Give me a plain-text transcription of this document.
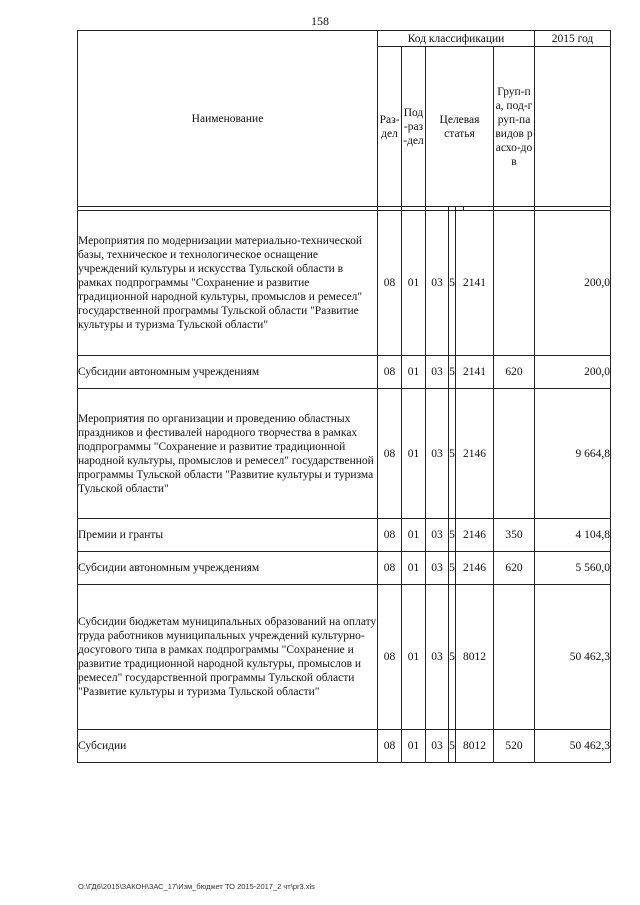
158
Наименование	Код классификации							2015 год
	Раз-дел	Под-раз-дел	Целевая статья				Груп-па, под-груп-па видов расхо-дов	

Мероприятия по модернизации материально-технической базы, техническое и технологическое оснащение учреждений культуры и искусства Тульской области в рамках подпрограммы "Сохранение и развитие традиционной народной культуры, промыслов и ремесел" государственной программы Тульской области "Развитие культуры и туризма Тульской области"	08	01	03	5	2141			200,0
Субсидии автономным учреждениям	08	01	03	5	2141		620	200,0
Мероприятия по организации и проведению областных праздников и фестивалей народного творчества в рамках подпрограммы "Сохранение и развитие традиционной народной культуры, промыслов и ремесел" государственной программы Тульской области "Развитие культуры и туризма Тульской области"	08	01	03	5	2146			9 664,8
Премии и гранты	08	01	03	5	2146		350	4 104,8
Субсидии автономным учреждениям	08	01	03	5	2146		620	5 560,0
Субсидии бюджетам муниципальных образований на оплату труда работников муниципальных учреждений культурно-досугового типа в рамках подпрограммы "Сохранение и развитие традиционной народной культуры, промыслов и ремесел" государственной программы Тульской области "Развитие культуры и туризма Тульской области"	08	01	03	5	8012			50 462,3
Субсидии	08	01	03	5	8012		520	50 462,3
O:\ГД6\2015\ЗАКОН\ЗАС_17\Изм_бюджет ТО 2015-2017_2 чт\pr3.xls
